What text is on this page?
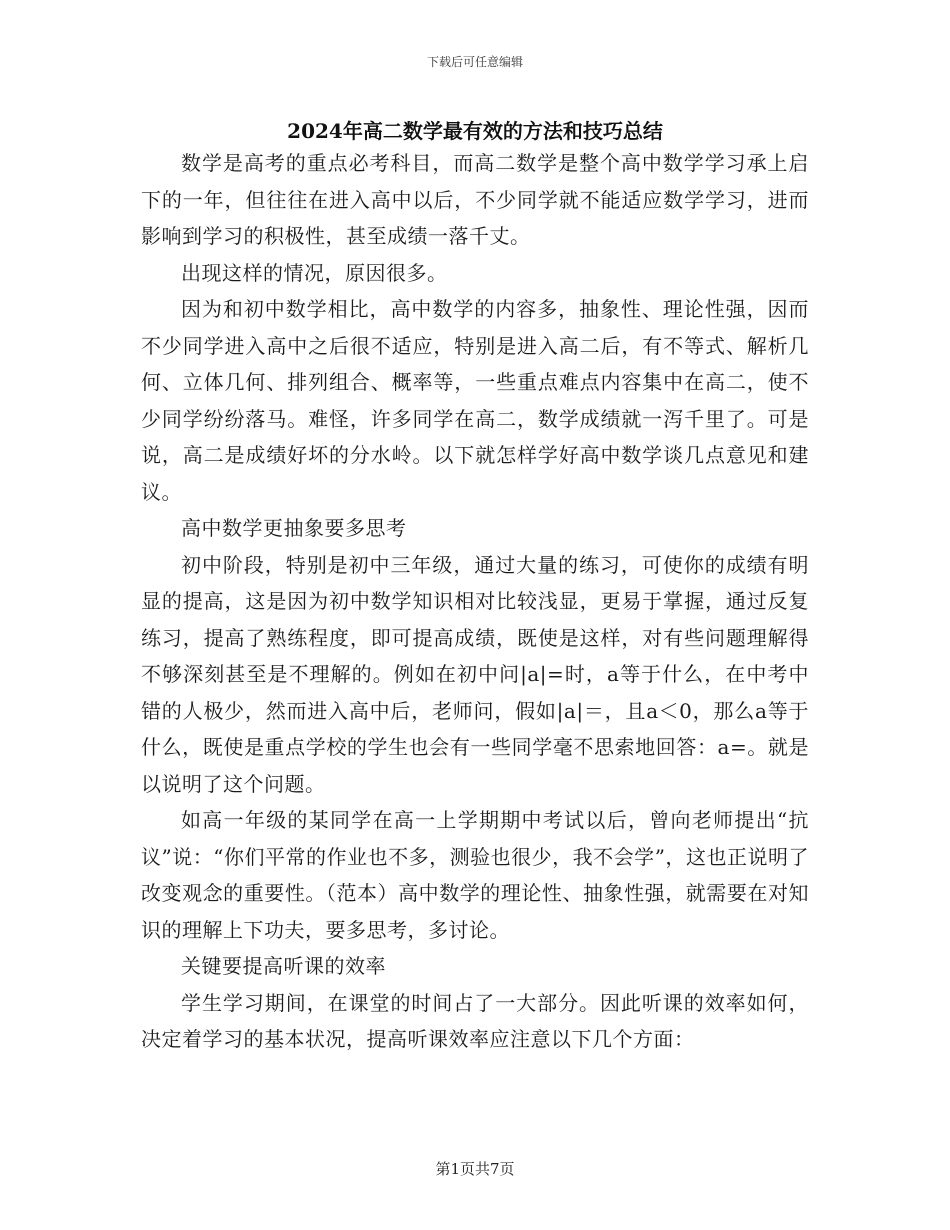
下载后可任意编辑
2024年高二数学最有效的方法和技巧总结

数学是高考的重点必考科目，而高二数学是整个高中数学学习承上启下的一年，但往往在进入高中以后，不少同学就不能适应数学学习，进而影响到学习的积极性，甚至成绩一落千丈。

出现这样的情况，原因很多。

因为和初中数学相比，高中数学的内容多，抽象性、理论性强，因而不少同学进入高中之后很不适应，特别是进入高二后，有不等式、解析几何、立体几何、排列组合、概率等，一些重点难点内容集中在高二，使不少同学纷纷落马。难怪，许多同学在高二，数学成绩就一泻千里了。可是说，高二是成绩好坏的分水岭。以下就怎样学好高中数学谈几点意见和建议。

高中数学更抽象要多思考

初中阶段，特别是初中三年级，通过大量的练习，可使你的成绩有明显的提高，这是因为初中数学知识相对比较浅显，更易于掌握，通过反复练习，提高了熟练程度，即可提高成绩，既使是这样，对有些问题理解得不够深刻甚至是不理解的。例如在初中问|a|=时，a等于什么，在中考中错的人极少，然而进入高中后，老师问，假如|a|＝，且a＜0，那么a等于什么，既使是重点学校的学生也会有一些同学毫不思索地回答：a=。就是以说明了这个问题。

如高一年级的某同学在高一上学期期中考试以后，曾向老师提出“抗议”说：“你们平常的作业也不多，测验也很少，我不会学”，这也正说明了改变观念的重要性。（范本）高中数学的理论性、抽象性强，就需要在对知识的理解上下功夫，要多思考，多讨论。

关键要提高听课的效率

学生学习期间，在课堂的时间占了一大部分。因此听课的效率如何，决定着学习的基本状况，提高听课效率应注意以下几个方面：

第1页共7页
